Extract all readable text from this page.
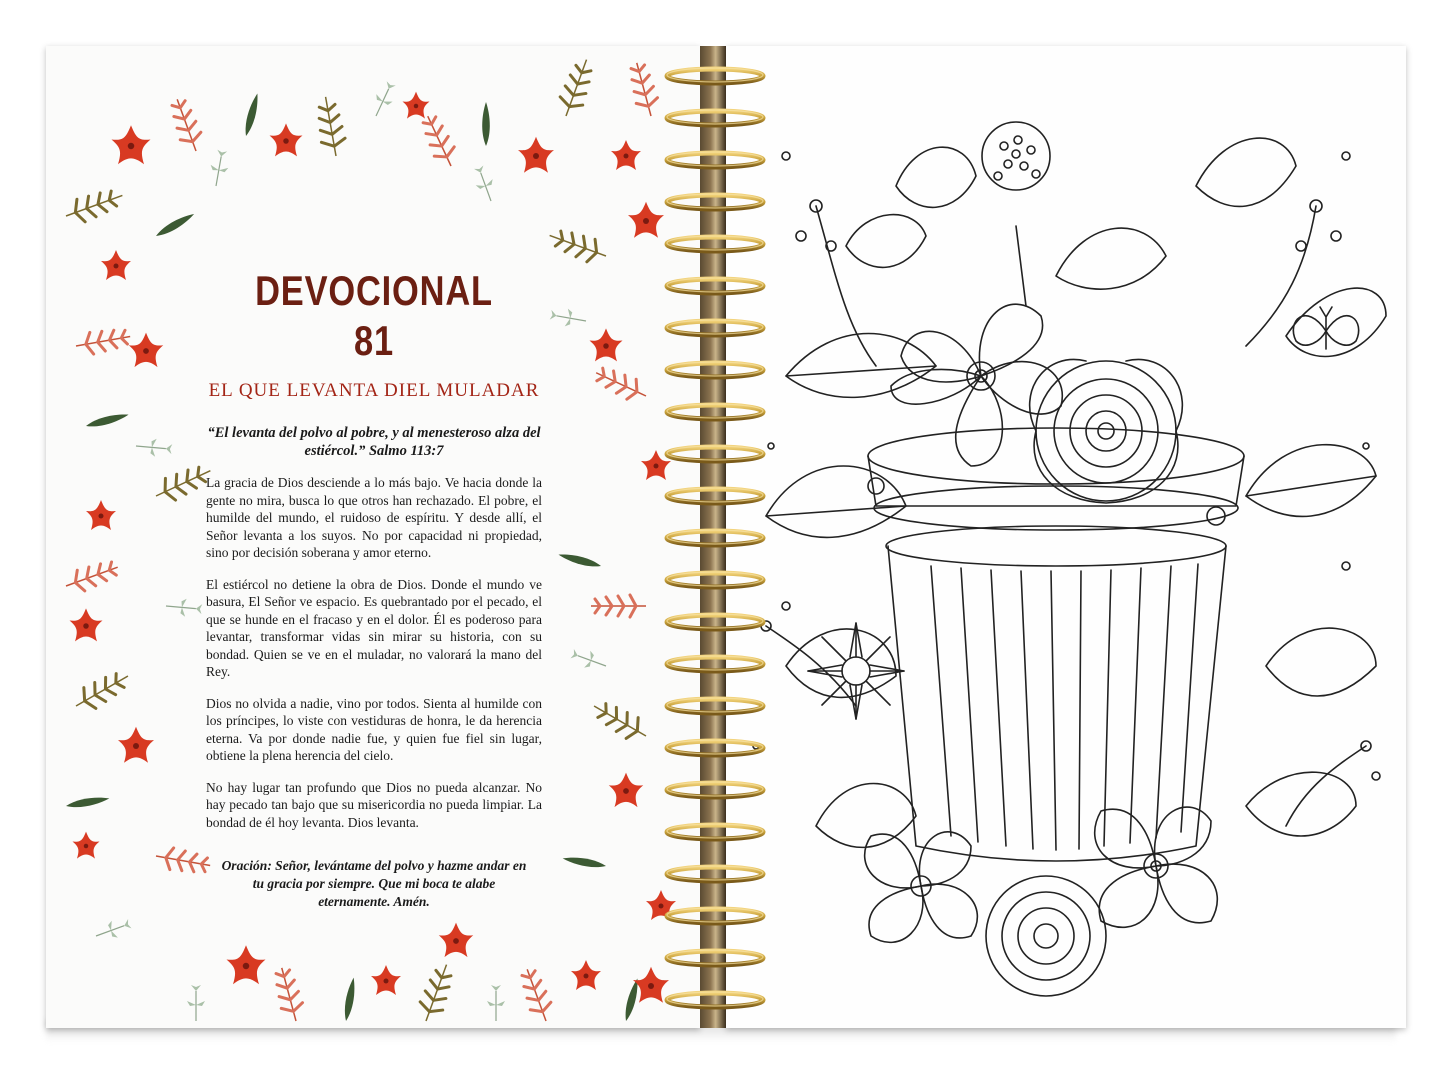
DEVOCIONAL 81

EL QUE LEVANTA DIEL MULADAR

“El levanta del polvo al pobre, y al menesteroso alza del estiércol.” Salmo 113:7

La gracia de Dios desciende a lo más bajo. Ve hacia donde la gente no mira, busca lo que otros han rechazado. El pobre, el humilde del mundo, el ruidoso de espíritu. Y desde allí, el Señor levanta a los suyos. No por capacidad ni propiedad, sino por decisión soberana y amor eterno.

El estiércol no detiene la obra de Dios. Donde el mundo ve basura, El Señor ve espacio. Es quebrantado por el pecado, el que se hunde en el fracaso y en el dolor. Él es poderoso para levantar, transformar vidas sin mirar su historia, con su bondad. Quien se ve en el muladar, no valorará la mano del Rey.

Dios no olvida a nadie, vino por todos. Sienta al humilde con los príncipes, lo viste con vestiduras de honra, le da herencia eterna. Va por donde nadie fue, y quien fue fiel sin lugar, obtiene la plena herencia del cielo.

No hay lugar tan profundo que Dios no pueda alcanzar. No hay pecado tan bajo que su misericordia no pueda limpiar. La bondad de él hoy levanta. Dios levanta.

Oración: Señor, levántame del polvo y hazme andar en tu gracia por siempre. Que mi boca te alabe eternamente. Amén.
